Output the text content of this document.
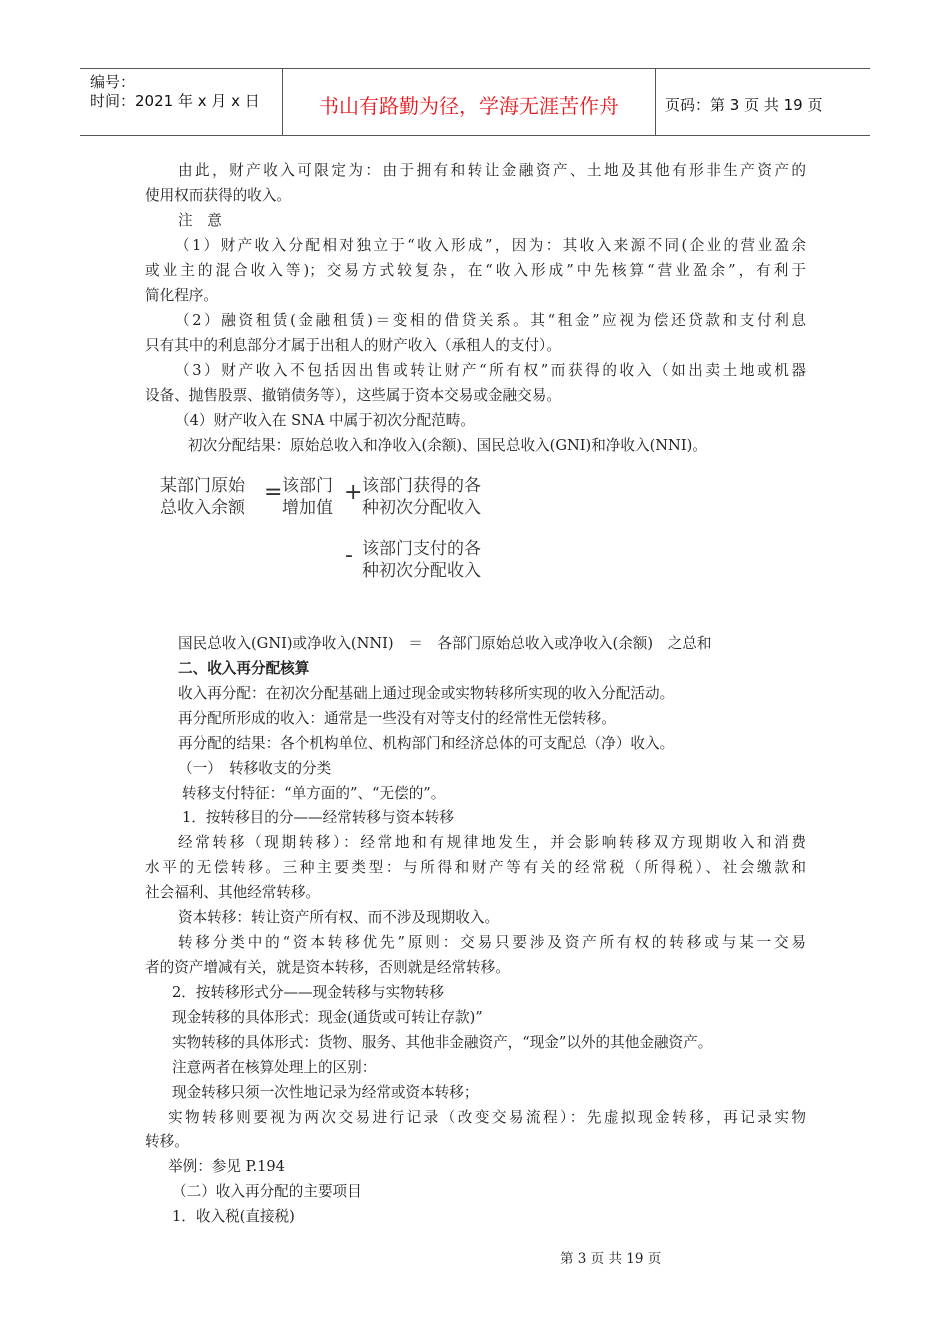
编号：
时间：2021 年 x 月 x 日	书山有路勤为径，学海无涯苦作舟	页码：第 3 页 共 19 页
由此，财产收入可限定为：由于拥有和转让金融资产、土地及其他有形非生产资产的
使用权而获得的收入。
注　意
（1）财产收入分配相对独立于“收入形成”，因为：其收入来源不同(企业的营业盈余
或业主的混合收入等)；交易方式较复杂，在“收入形成”中先核算“营业盈余”，有利于
简化程序。
（2）融资租赁(金融租赁)＝变相的借贷关系。其“租金”应视为偿还贷款和支付利息
只有其中的利息部分才属于出租人的财产收入（承租人的支付）。
（3）财产收入不包括因出售或转让财产“所有权”而获得的收入（如出卖土地或机器
设备、抛售股票、撤销债务等），这些属于资本交易或金融交易。
（4）财产收入在 SNA 中属于初次分配范畴。
初次分配结果：原始总收入和净收入(余额)、国民总收入(GNI)和净收入(NNI)。
国民总收入(GNI)或净收入(NNI)　＝　各部门原始总收入或净收入(余额)　之总和
二、收入再分配核算
收入再分配：在初次分配基础上通过现金或实物转移所实现的收入分配活动。
再分配所形成的收入：通常是一些没有对等支付的经常性无偿转移。
再分配的结果：各个机构单位、机构部门和经济总体的可支配总（净）收入。
（一）　转移收支的分类
转移支付特征：“单方面的”、“无偿的”。
1．按转移目的分——经常转移与资本转移
经常转移（现期转移）：经常地和有规律地发生，并会影响转移双方现期收入和消费
水平的无偿转移。三种主要类型：与所得和财产等有关的经常税（所得税）、社会缴款和
社会福利、其他经常转移。
资本转移：转让资产所有权、而不涉及现期收入。
转移分类中的“资本转移优先”原则：交易只要涉及资产所有权的转移或与某一交易
者的资产增减有关，就是资本转移，否则就是经常转移。
2．按转移形式分——现金转移与实物转移
现金转移的具体形式：现金(通货或可转让存款)”
实物转移的具体形式：货物、服务、其他非金融资产，“现金”以外的其他金融资产。
注意两者在核算处理上的区别：
现金转移只须一次性地记录为经常或资本转移；
实物转移则要视为两次交易进行记录（改变交易流程）：先虚拟现金转移，再记录实物
转移。
举例：参见 P.194
（二）收入再分配的主要项目
1．收入税(直接税)
某部门原始
总收入余额
= 该部门
增加值
+ 该部门获得的各
种初次分配收入
- 该部门支付的各
种初次分配收入
第 3 页 共 19 页
